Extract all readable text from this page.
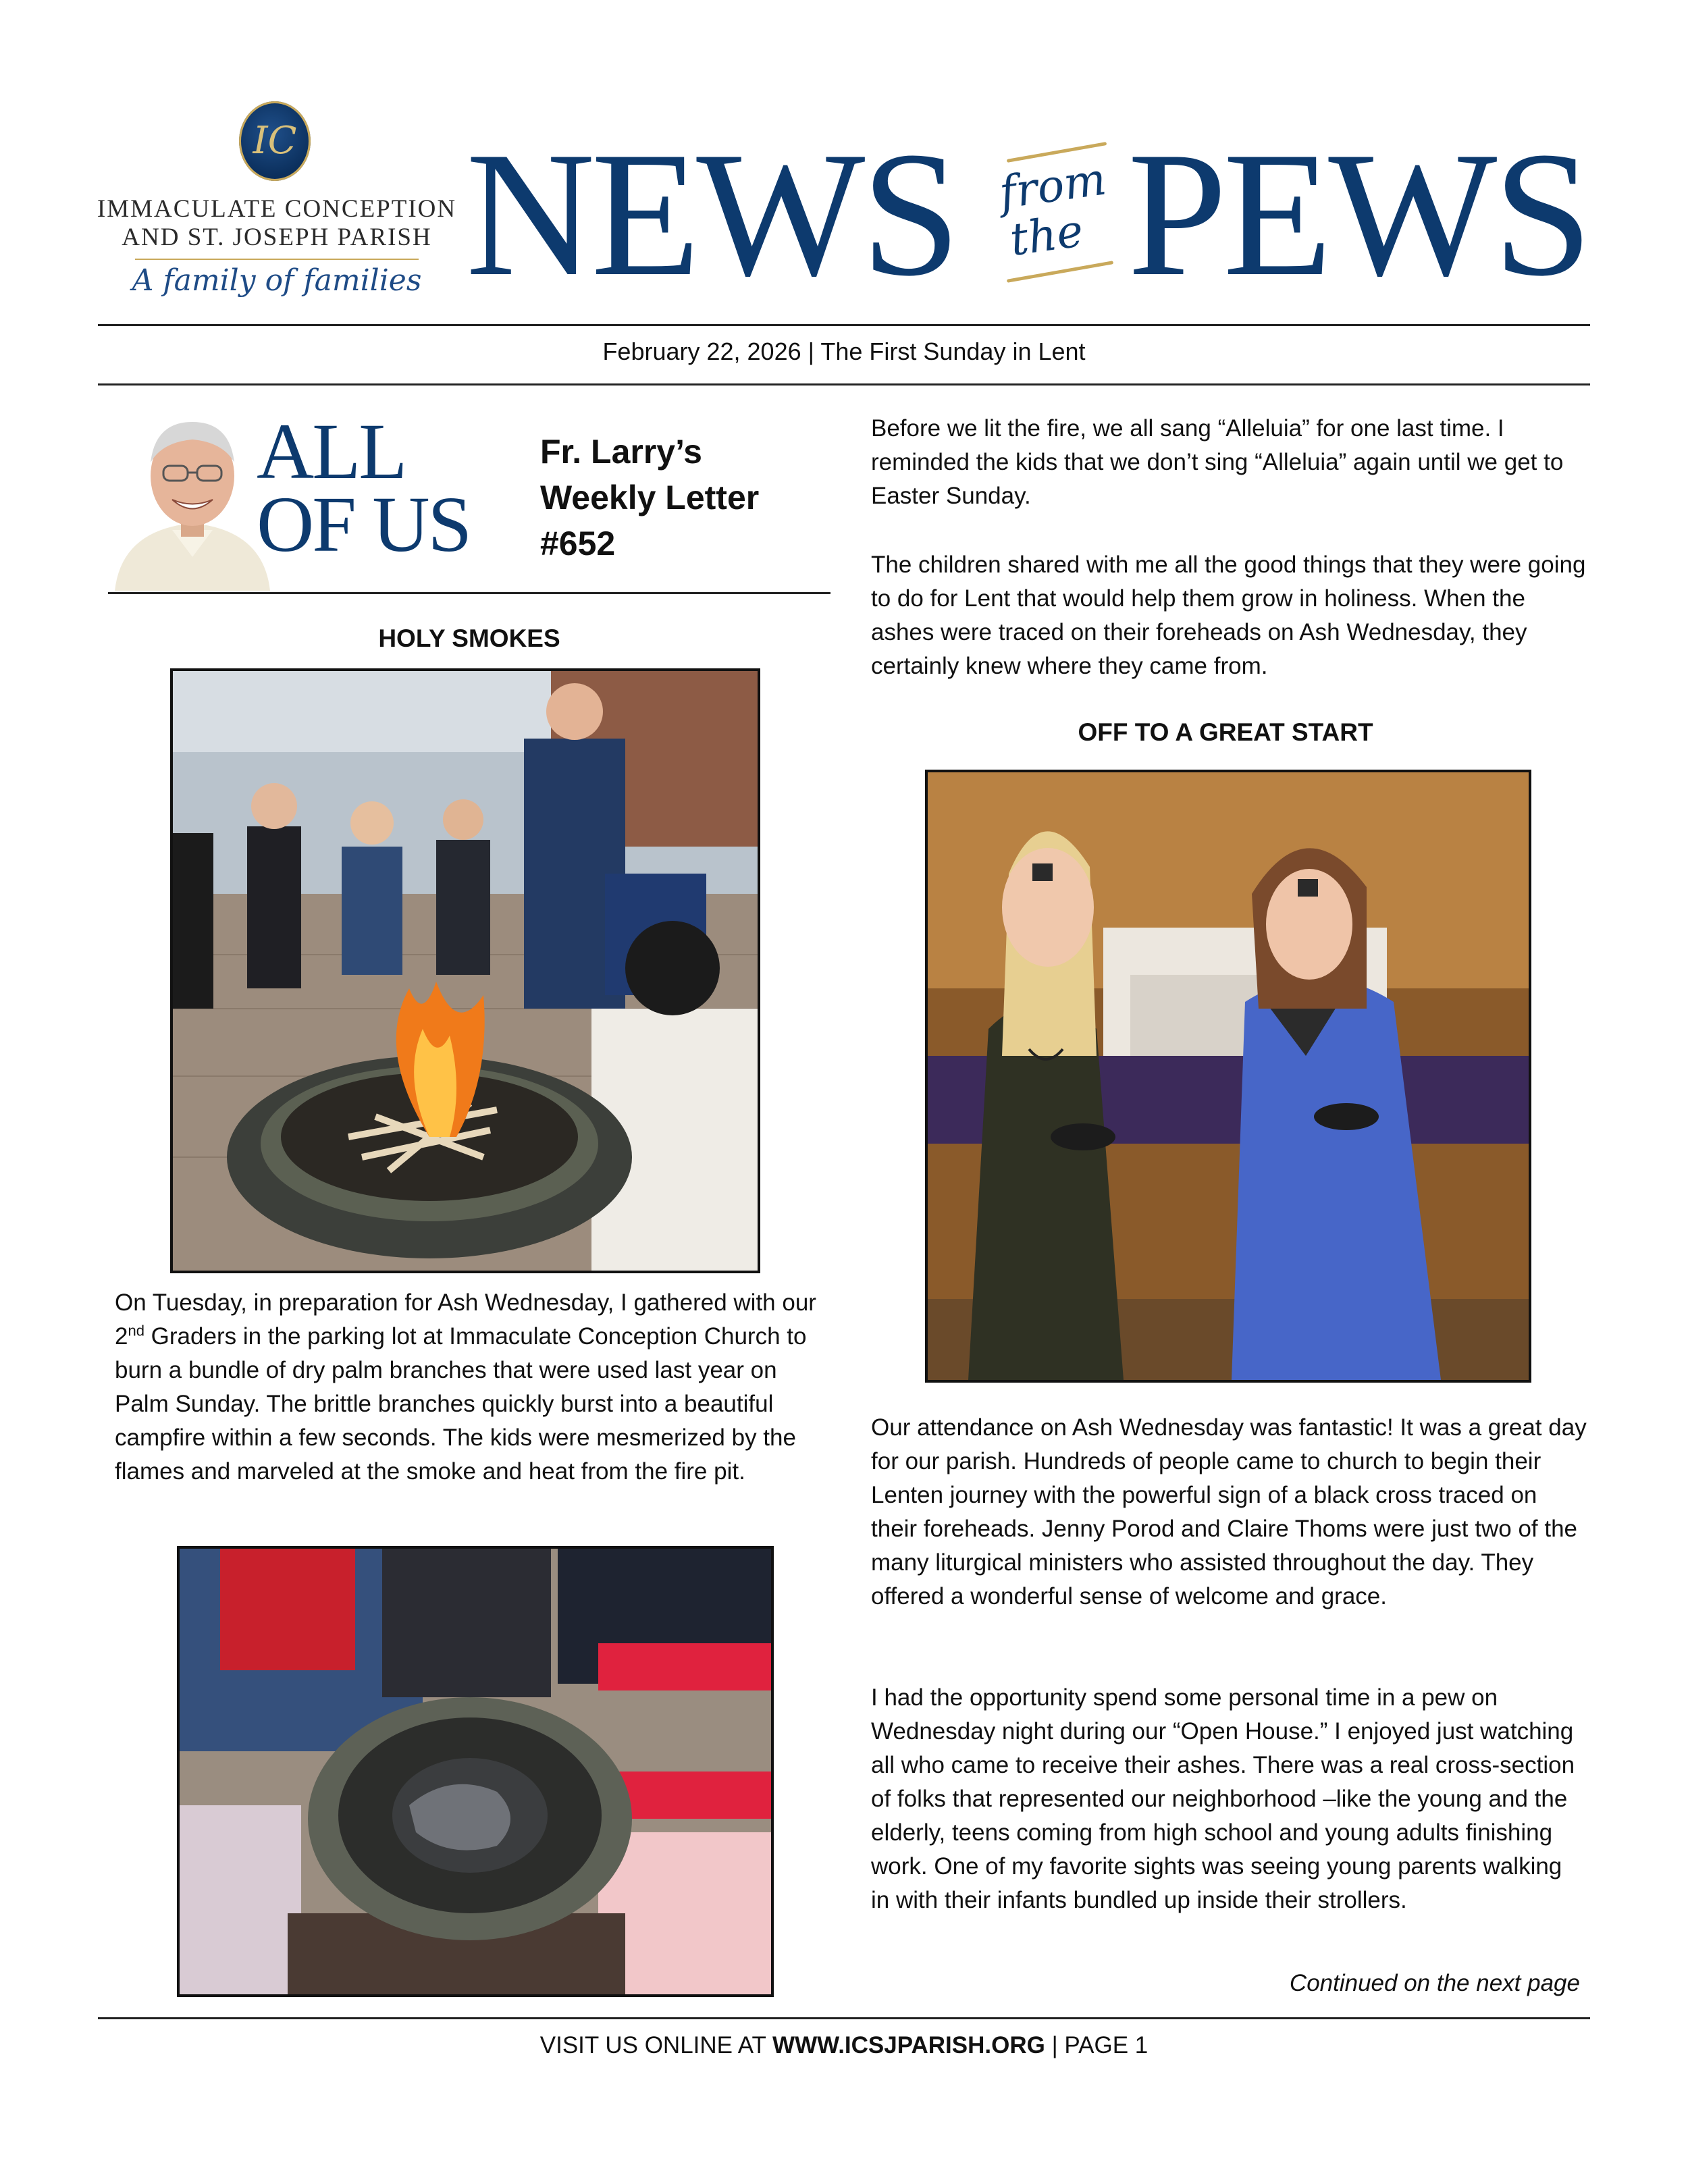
IC
IMMACULATE CONCEPTION
AND ST. JOSEPH PARISH
A family of families NEWS from
the PEWS
February 22, 2026 | The First Sunday in Lent
ALL
OF US
Fr. Larry’s
Weekly Letter
#652
HOLY SMOKES

On Tuesday, in preparation for Ash Wednesday, I gathered with our 2nd Graders in the parking lot at Immaculate Conception Church to burn a bundle of dry palm branches that were used last year on Palm Sunday. The brittle branches quickly burst into a beautiful campfire within a few seconds. The kids were mesmerized by the flames and marveled at the smoke and heat from the fire pit.

Before we lit the fire, we all sang “Alleluia” for one last time. I reminded the kids that we don’t sing “Alleluia” again until we get to Easter Sunday.

The children shared with me all the good things that they were going to do for Lent that would help them grow in holiness. When the ashes were traced on their foreheads on Ash Wednesday, they certainly knew where they came from.

OFF TO A GREAT START

Our attendance on Ash Wednesday was fantastic! It was a great day for our parish. Hundreds of people came to church to begin their Lenten journey with the powerful sign of a black cross traced on their foreheads. Jenny Porod and Claire Thoms were just two of the many liturgical ministers who assisted throughout the day. They offered a wonderful sense of welcome and grace.

I had the opportunity spend some personal time in a pew on Wednesday night during our “Open House.” I enjoyed just watching all who came to receive their ashes. There was a real cross-section of folks that represented our neighborhood –like the young and the elderly, teens coming from high school and young adults finishing work. One of my favorite sights was seeing young parents walking in with their infants bundled up inside their strollers.

Continued on the next page
VISIT US ONLINE AT WWW.ICSJPARISH.ORG | PAGE 1
